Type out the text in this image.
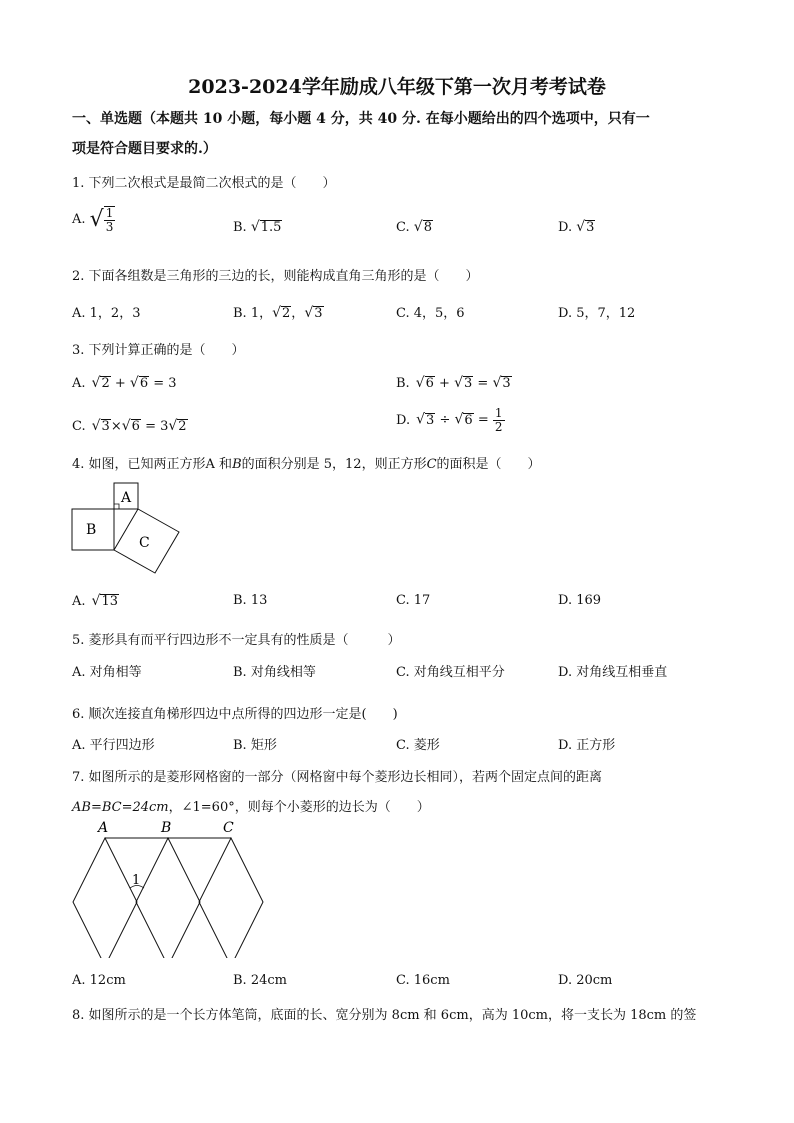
2023-2024学年励成八年级下第一次月考考试卷
一、单选题（本题共 10 小题，每小题 4 分，共 40 分. 在每小题给出的四个选项中，只有一
项是符合题目要求的.）
1. 下列二次根式是最简二次根式的是（　　）
A. √ $\frac{1}{3}$	B. √1.5	C. √8	D. √3
2. 下面各组数是三角形的三边的长，则能构成直角三角形的是（　　）
A. 1，2，3	B. 1，√2，√3	C. 4，5，6	D. 5，7，12
3. 下列计算正确的是（　　）
A. √2 + √6 = 3	B. √6 + √3 = √3
C. √3×√6 = 3√2	D. $√3 \div √6 = \frac{1}{2}$
4. 如图，已知两正方形A 和B的面积分别是 5，12，则正方形C的面积是（　　）
A
B
C
A. √13	B. 13	C. 17	D. 169
5. 菱形具有而平行四边形不一定具有的性质是（　　　）
A. 对角相等	B. 对角线相等	C. 对角线互相平分	D. 对角线互相垂直
6. 顺次连接直角梯形四边中点所得的四边形一定是(　　)
A. 平行四边形	B. 矩形	C. 菱形	D. 正方形
7. 如图所示的是菱形网格窗的一部分（网格窗中每个菱形边长相同），若两个固定点间的距离
AB=BC=24cm，∠1=60°，则每个小菱形的边长为（　　）
A	B	C
1
A. 12cm	B. 24cm	C. 16cm	D. 20cm
8. 如图所示的是一个长方体笔筒，底面的长、宽分别为 8cm 和 6cm，高为 10cm，将一支长为 18cm 的签
